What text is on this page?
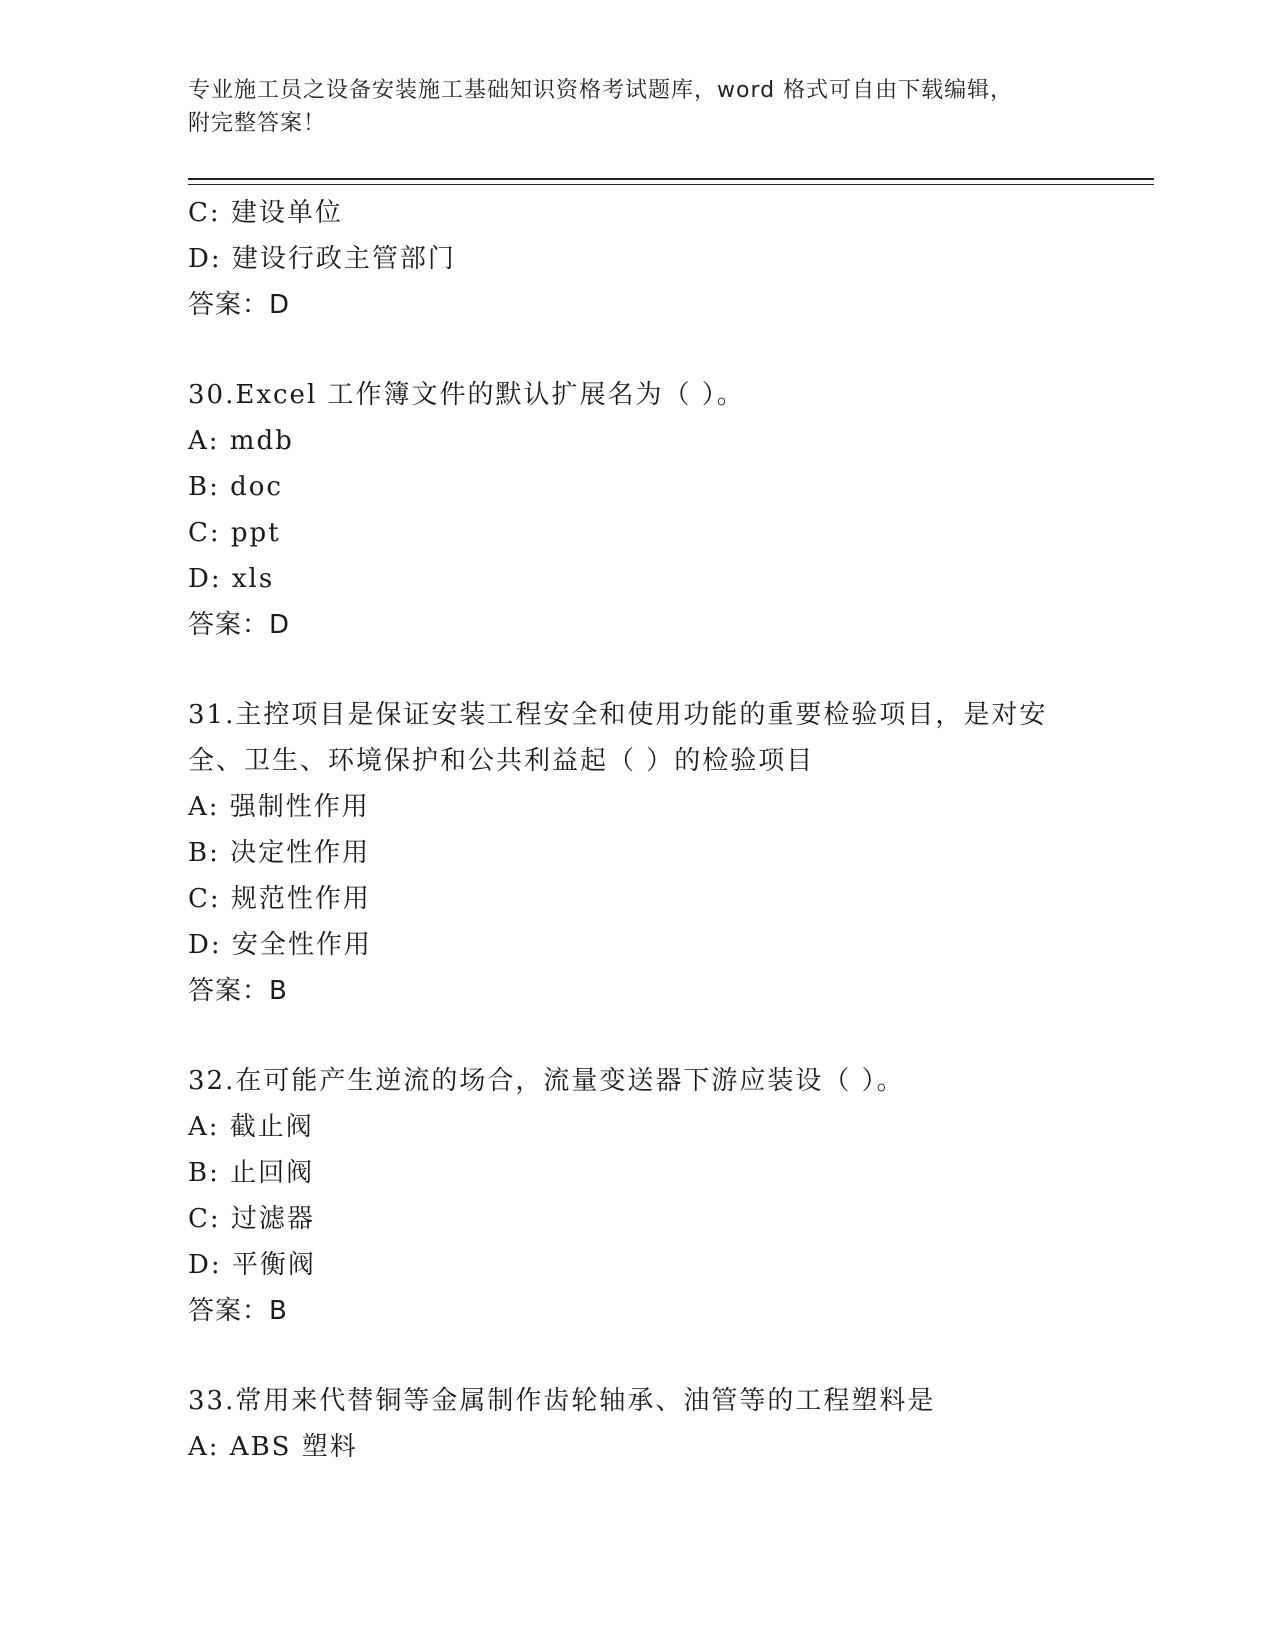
专业施工员之设备安装施工基础知识资格考试题库，word 格式可自由下载编辑，
附完整答案！
C: 建设单位
D: 建设行政主管部门
答案：D
30.Excel 工作簿文件的默认扩展名为（ ）。
A: mdb
B: doc
C: ppt
D: xls
答案：D
31.主控项目是保证安装工程安全和使用功能的重要检验项目，是对安
全、卫生、环境保护和公共利益起（ ）的检验项目
A: 强制性作用
B: 决定性作用
C: 规范性作用
D: 安全性作用
答案：B
32.在可能产生逆流的场合，流量变送器下游应装设（ ）。
A: 截止阀
B: 止回阀
C: 过滤器
D: 平衡阀
答案：B
33.常用来代替铜等金属制作齿轮轴承、油管等的工程塑料是
A: ABS 塑料
